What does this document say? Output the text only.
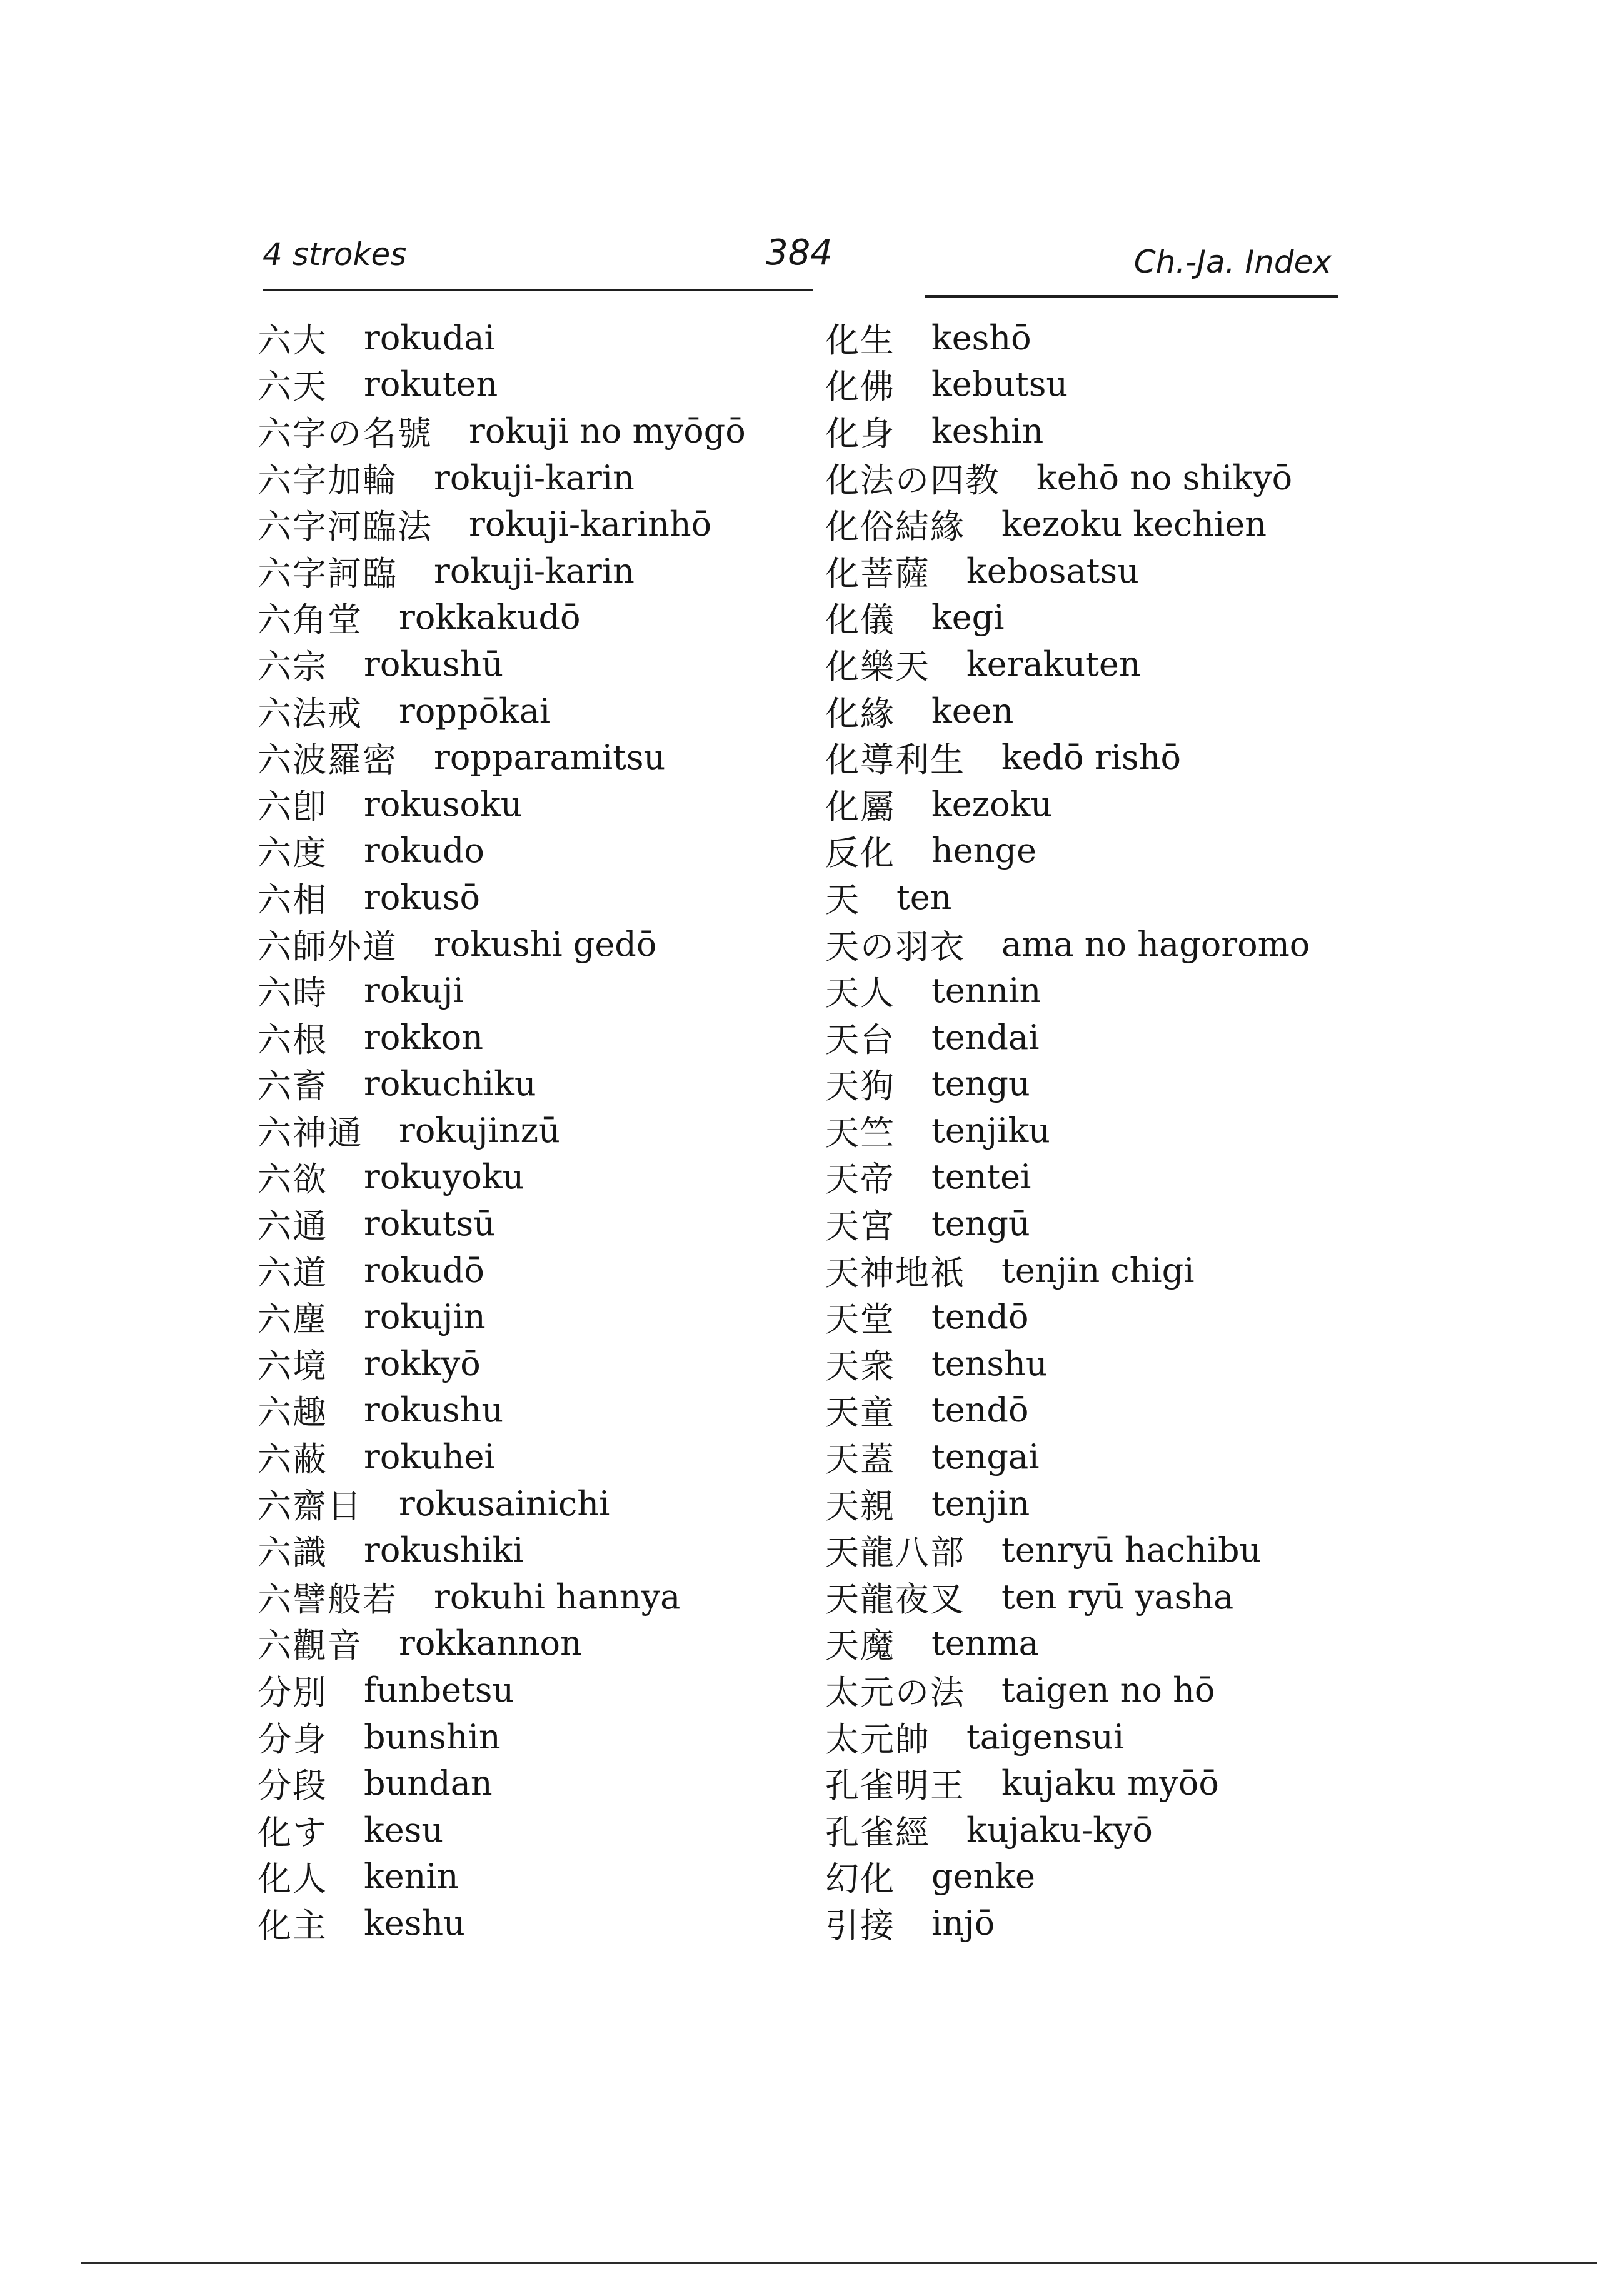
4 strokes	384	Ch.-Ja. Index
六大 rokudai
六天 rokuten
六字の名號 rokuji no myōgō
六字加輪 rokuji-karin
六字河臨法 rokuji-karinhō
六字訶臨 rokuji-karin
六角堂 rokkakudō
六宗 rokushū
六法戒 roppōkai
六波羅密 ropparamitsu
六卽 rokusoku
六度 rokudo
六相 rokusō
六師外道 rokushi gedō
六時 rokuji
六根 rokkon
六畜 rokuchiku
六神通 rokujinzū
六欲 rokuyoku
六通 rokutsū
六道 rokudō
六塵 rokujin
六境 rokkyō
六趣 rokushu
六蔽 rokuhei
六齋日 rokusainichi
六識 rokushiki
六譬般若 rokuhi hannya
六觀音 rokkannon
分別 funbetsu
分身 bunshin
分段 bundan
化す kesu
化人 kenin
化主 keshu
化生 keshō
化佛 kebutsu
化身 keshin
化法の四教 kehō no shikyō
化俗結緣 kezoku kechien
化菩薩 kebosatsu
化儀 kegi
化樂天 kerakuten
化緣 keen
化導利生 kedō rishō
化屬 kezoku
反化 henge
天 ten
天の羽衣 ama no hagoromo
天人 tennin
天台 tendai
天狗 tengu
天竺 tenjiku
天帝 tentei
天宮 tengū
天神地祇 tenjin chigi
天堂 tendō
天衆 tenshu
天童 tendō
天蓋 tengai
天親 tenjin
天龍八部 tenryū hachibu
天龍夜叉 ten ryū yasha
天魔 tenma
太元の法 taigen no hō
太元帥 taigensui
孔雀明王 kujaku myōō
孔雀經 kujaku-kyō
幻化 genke
引接 injō
